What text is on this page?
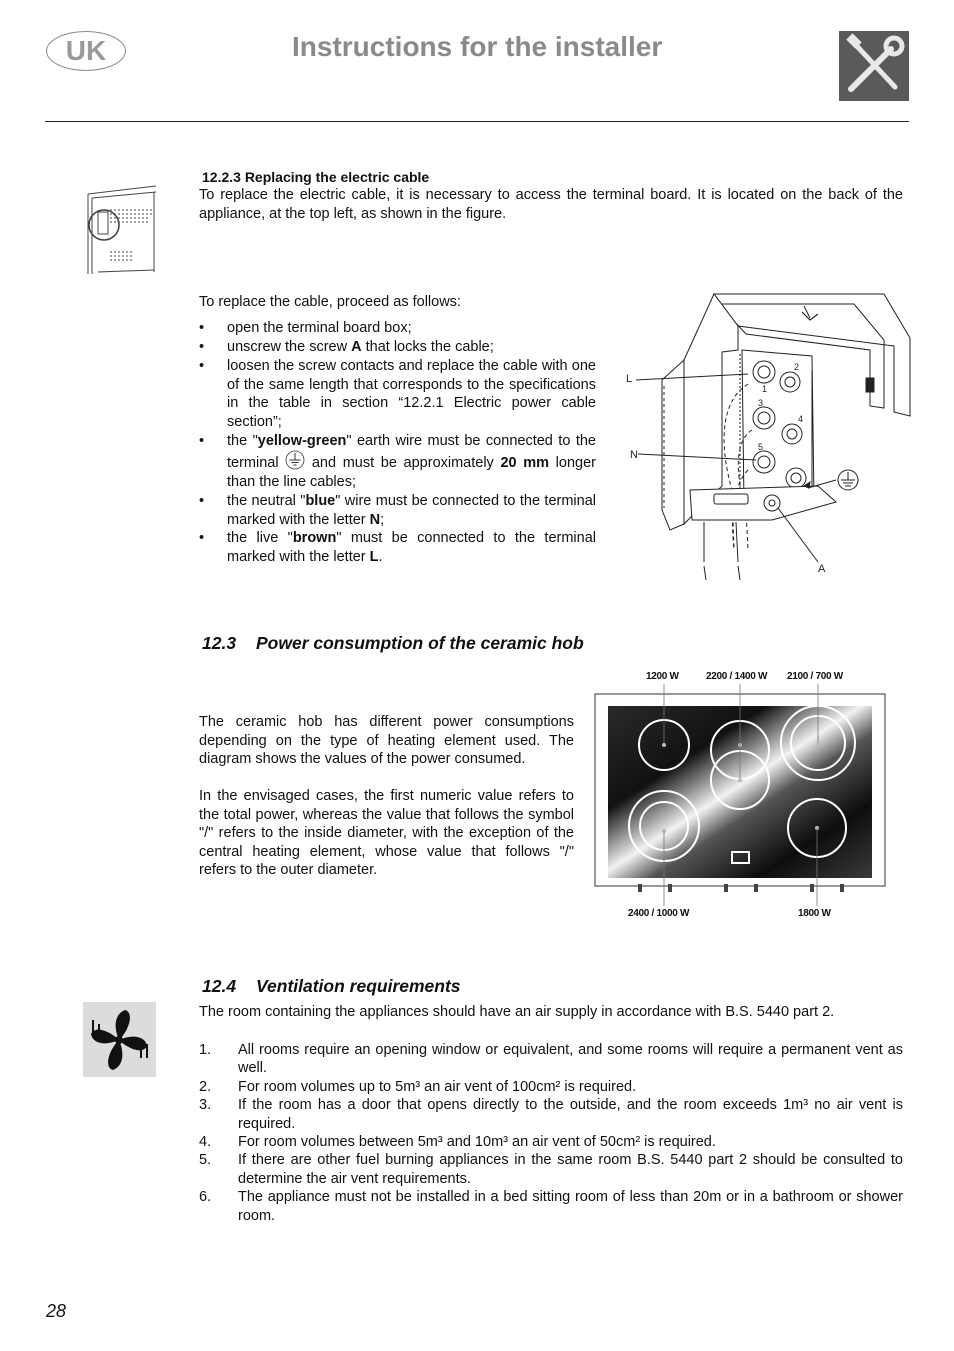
UK	Instructions for the installer
12.2.3 Replacing the electric cable
To replace the electric cable, it is necessary to access the terminal board. It is located on the back of the appliance, at the top left, as shown in the figure.
To replace the cable, proceed as follows:
• open the terminal board box;
• unscrew the screw A that locks the cable;
• loosen the screw contacts and replace the cable with one of the same length that corresponds to the specifications in the table in section “12.2.1 Electric power cable section”;
• the "yellow-green" earth wire must be connected to the terminal  and must be approximately 20 mm longer than the line cables;
• the neutral "blue" wire must be connected to the terminal marked with the letter N;
• the live "brown" must be connected to the terminal marked with the letter L.
L
N
A
1
2
3
4
5
12.3 Power consumption of the ceramic hob
The ceramic hob has different power consumptions depending on the type of heating element used. The diagram shows the values of the power consumed.
In the envisaged cases, the first numeric value refers to the total power, whereas the value that follows the symbol "/" refers to the inside diameter, with the exception of the central heating element, whose value that follows "/" refers to the outer diameter.
1200 W	2200 / 1400 W 2100 / 700 W
2400 / 1000 W	1800 W
12.4 Ventilation requirements
The room containing the appliances should have an air supply in accordance with B.S. 5440 part 2.
1. All rooms require an opening window or equivalent, and some rooms will require a permanent vent as well.
2. For room volumes up to 5m³ an air vent of 100cm² is required.
3. If the room has a door that opens directly to the outside, and the room exceeds 1m³ no air vent is required.
4. For room volumes between 5m³ and 10m³ an air vent of 50cm² is required.
5. If there are other fuel burning appliances in the same room B.S. 5440 part 2 should be consulted to determine the air vent requirements.
6. The appliance must not be installed in a bed sitting room of less than 20m or in a bathroom or shower room.
28
